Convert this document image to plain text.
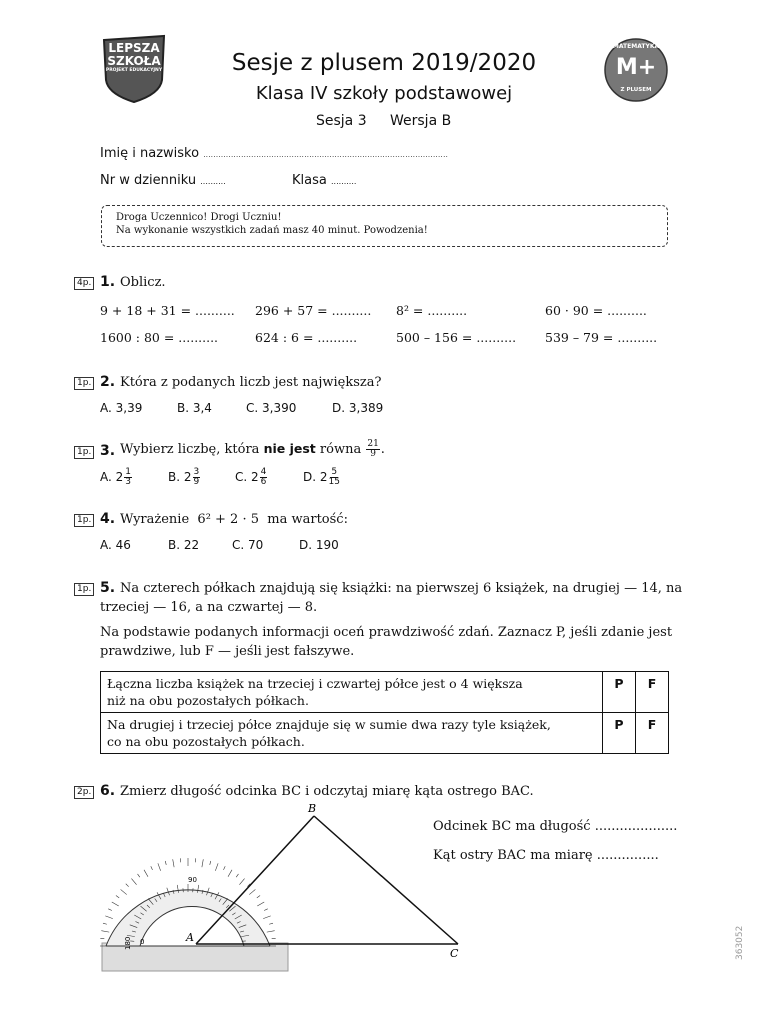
LEPSZA
SZKOŁA
PROJEKT EDUKACYJNY
MATEMATYKA
M+
Z PLUSEM
Sesje z plusem 2019/2020
Klasa IV szkoły podstawowej
Sesja 3 Wersja B
Imię i nazwisko .................................................................................................
Nr w dzienniku ..........	Klasa ..........
Droga Uczennico! Drogi Uczniu!
Na wykonanie wszystkich zadań masz 40 minut. Powodzenia!
4p. 1. Oblicz.
9 + 18 + 31 = .......... 296 + 57 = .......... 8² = ..........	60 · 90 = ..........
1600 : 80 = ..........	624 : 6 = ..........	500 – 156 = .......... 539 – 79 = ..........
1p. 2. Która z podanych liczb jest największa?
A. 3,39	B. 3,4	C. 3,390	D. 3,389
1p. 3. Wybierz liczbę, która nie jest równa $\frac{21}{9}$ .
A. $2 \frac{1}{3}$	B. $2 \frac{3}{9}$	C. $2 \frac{4}{6}$	D. $2 \frac{5}{15}$
1p. 4. Wyrażenie 6² + 2 · 5 ma wartość:
A. 46	B. 22	C. 70	D. 190
1p. 5. Na czterech półkach znajdują się książki: na pierwszej 6 książek, na drugiej — 14, na
trzeciej — 16, a na czwartej — 8.
Na podstawie podanych informacji oceń prawdziwość zdań. Zaznacz P, jeśli zdanie jest
prawdziwe, lub F — jeśli jest fałszywe.
Łączna liczba książek na trzeciej i czwartej półce jest o 4 większa
niż na obu pozostałych półkach.	P	F

Na drugiej i trzeciej półce znajduje się w sumie dwa razy tyle książek,
co na obu pozostałych półkach.	P	F
2p. 6. Zmierz długość odcinka BC i odczytaj miarę kąta ostrego BAC.
Odcinek BC ma długość ....................
Kąt ostry BAC ma miarę ...............
0
90
180	A
B
C	363052
